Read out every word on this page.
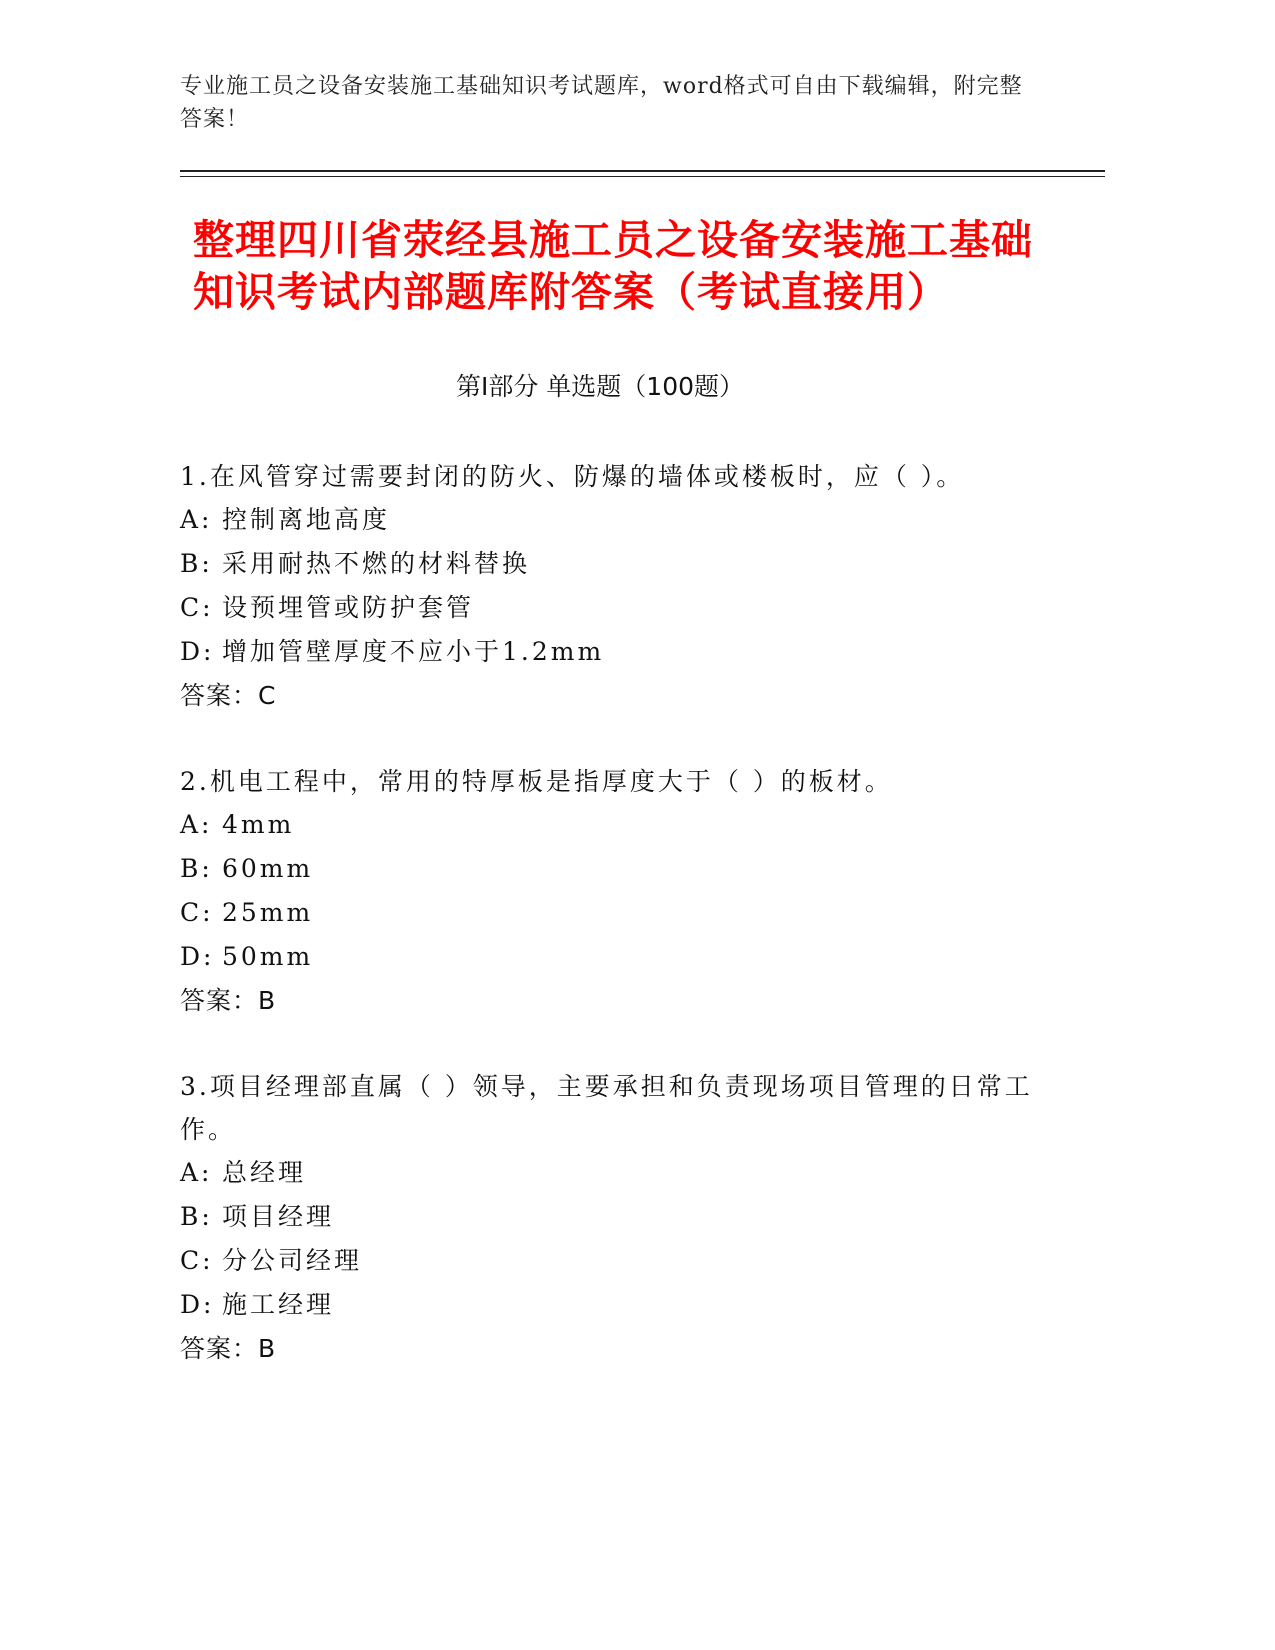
专业施工员之设备安装施工基础知识考试题库，word格式可自由下载编辑，附完整答案！
整理四川省荥经县施工员之设备安装施工基础知识考试内部题库附答案（考试直接用）
第Ⅰ部分 单选题（100题）
1.在风管穿过需要封闭的防火、防爆的墙体或楼板时，应（ ）。
A: 控制离地高度
B: 采用耐热不燃的材料替换
C: 设预埋管或防护套管
D: 增加管壁厚度不应小于1.2mm
答案：C
2.机电工程中，常用的特厚板是指厚度大于（ ）的板材。
A: 4mm
B: 60mm
C: 25mm
D: 50mm
答案：B
3.项目经理部直属（ ）领导，主要承担和负责现场项目管理的日常工作。
A: 总经理
B: 项目经理
C: 分公司经理
D: 施工经理
答案：B
